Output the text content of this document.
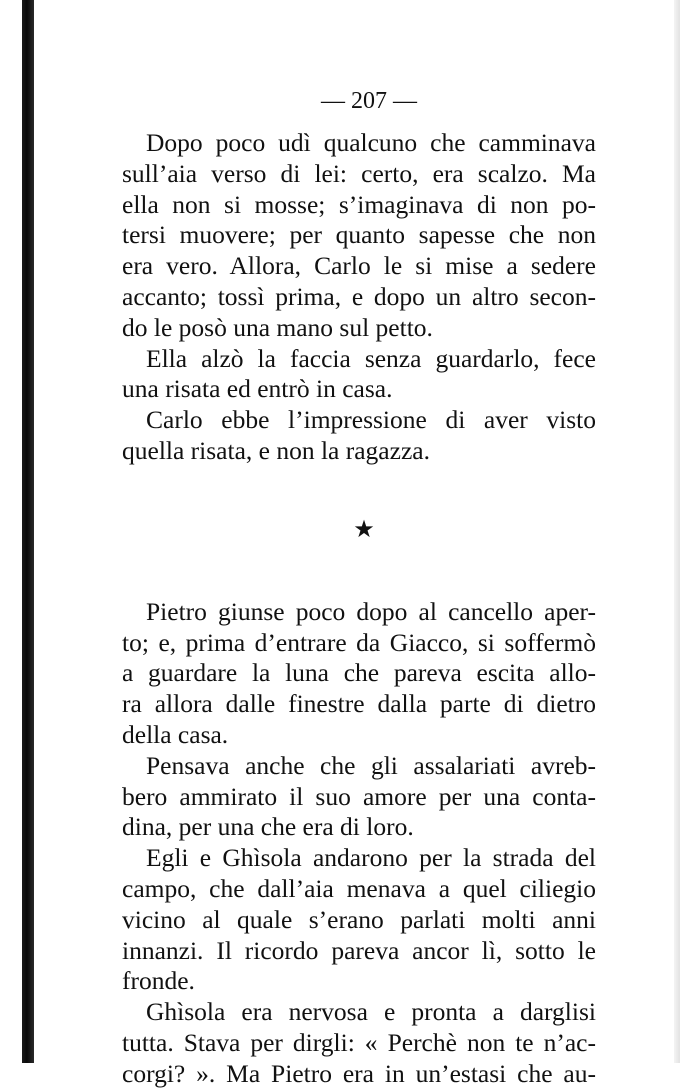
— 207 —
Dopo poco udì qualcuno che camminava
sull’aia verso di lei: certo, era scalzo. Ma
ella non si mosse; s’imaginava di non po-
tersi muovere; per quanto sapesse che non
era vero. Allora, Carlo le si mise a sedere
accanto; tossì prima, e dopo un altro secon-
do le posò una mano sul petto.
Ella alzò la faccia senza guardarlo, fece
una risata ed entrò in casa.
Carlo ebbe l’impressione di aver visto
quella risata, e non la ragazza.
★
Pietro giunse poco dopo al cancello aper-
to; e, prima d’entrare da Giacco, si soffermò
a guardare la luna che pareva escita allo-
ra allora dalle finestre dalla parte di dietro
della casa.
Pensava anche che gli assalariati avreb-
bero ammirato il suo amore per una conta-
dina, per una che era di loro.
Egli e Ghìsola andarono per la strada del
campo, che dall’aia menava a quel ciliegio
vicino al quale s’erano parlati molti anni
innanzi. Il ricordo pareva ancor lì, sotto le
fronde.
Ghìsola era nervosa e pronta a darglisi
tutta. Stava per dirgli: « Perchè non te n’ac-
corgi? ». Ma Pietro era in un’estasi che au-
